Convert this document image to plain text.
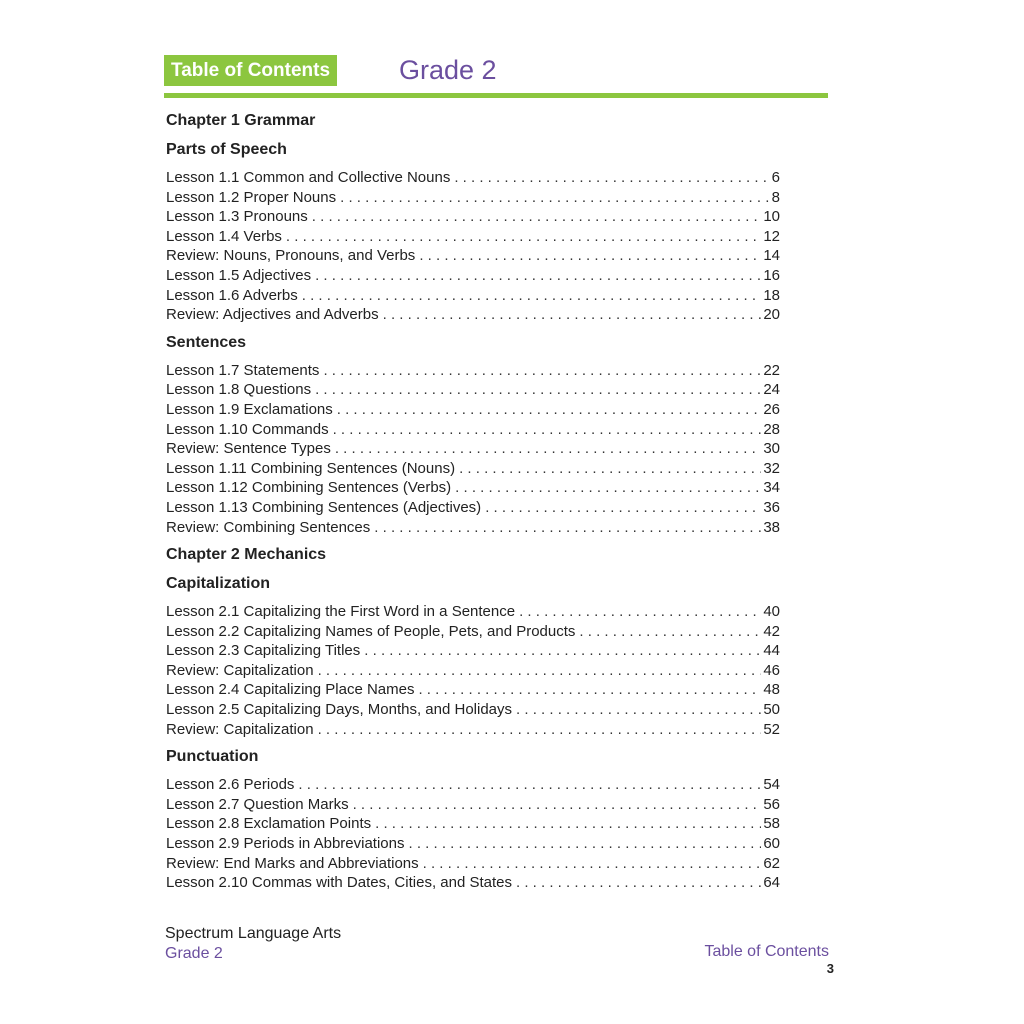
Table of Contents	Grade 2
Chapter 1 Grammar
Parts of Speech
Lesson 1.1 Common and Collective Nouns . . .	6
Lesson 1.2 Proper Nouns . . .	8
Lesson 1.3 Pronouns . . .	10
Lesson 1.4 Verbs . . .	12
Review: Nouns, Pronouns, and Verbs . . .	14
Lesson 1.5 Adjectives . . .	16
Lesson 1.6 Adverbs . . .	18
Review: Adjectives and Adverbs . . .	20
Sentences
Lesson 1.7 Statements . . .	22
Lesson 1.8 Questions . . .	24
Lesson 1.9 Exclamations . . .	26
Lesson 1.10 Commands . . .	28
Review: Sentence Types . . .	30
Lesson 1.11 Combining Sentences (Nouns) . . .	32
Lesson 1.12 Combining Sentences (Verbs) . . .	34
Lesson 1.13 Combining Sentences (Adjectives) . . .	36
Review: Combining Sentences . . .	38
Chapter 2 Mechanics
Capitalization
Lesson 2.1 Capitalizing the First Word in a Sentence . . .	40
Lesson 2.2 Capitalizing Names of People, Pets, and Products . . .	42
Lesson 2.3 Capitalizing Titles . . .	44
Review: Capitalization . . .	46
Lesson 2.4 Capitalizing Place Names . . .	48
Lesson 2.5 Capitalizing Days, Months, and Holidays . . .	50
Review: Capitalization . . .	52
Punctuation
Lesson 2.6 Periods . . .	54
Lesson 2.7 Question Marks . . .	56
Lesson 2.8 Exclamation Points . . .	58
Lesson 2.9 Periods in Abbreviations . . .	60
Review: End Marks and Abbreviations . . .	62
Lesson 2.10 Commas with Dates, Cities, and States . . .	64
Spectrum Language Arts
Grade 2	Table of Contents
3
